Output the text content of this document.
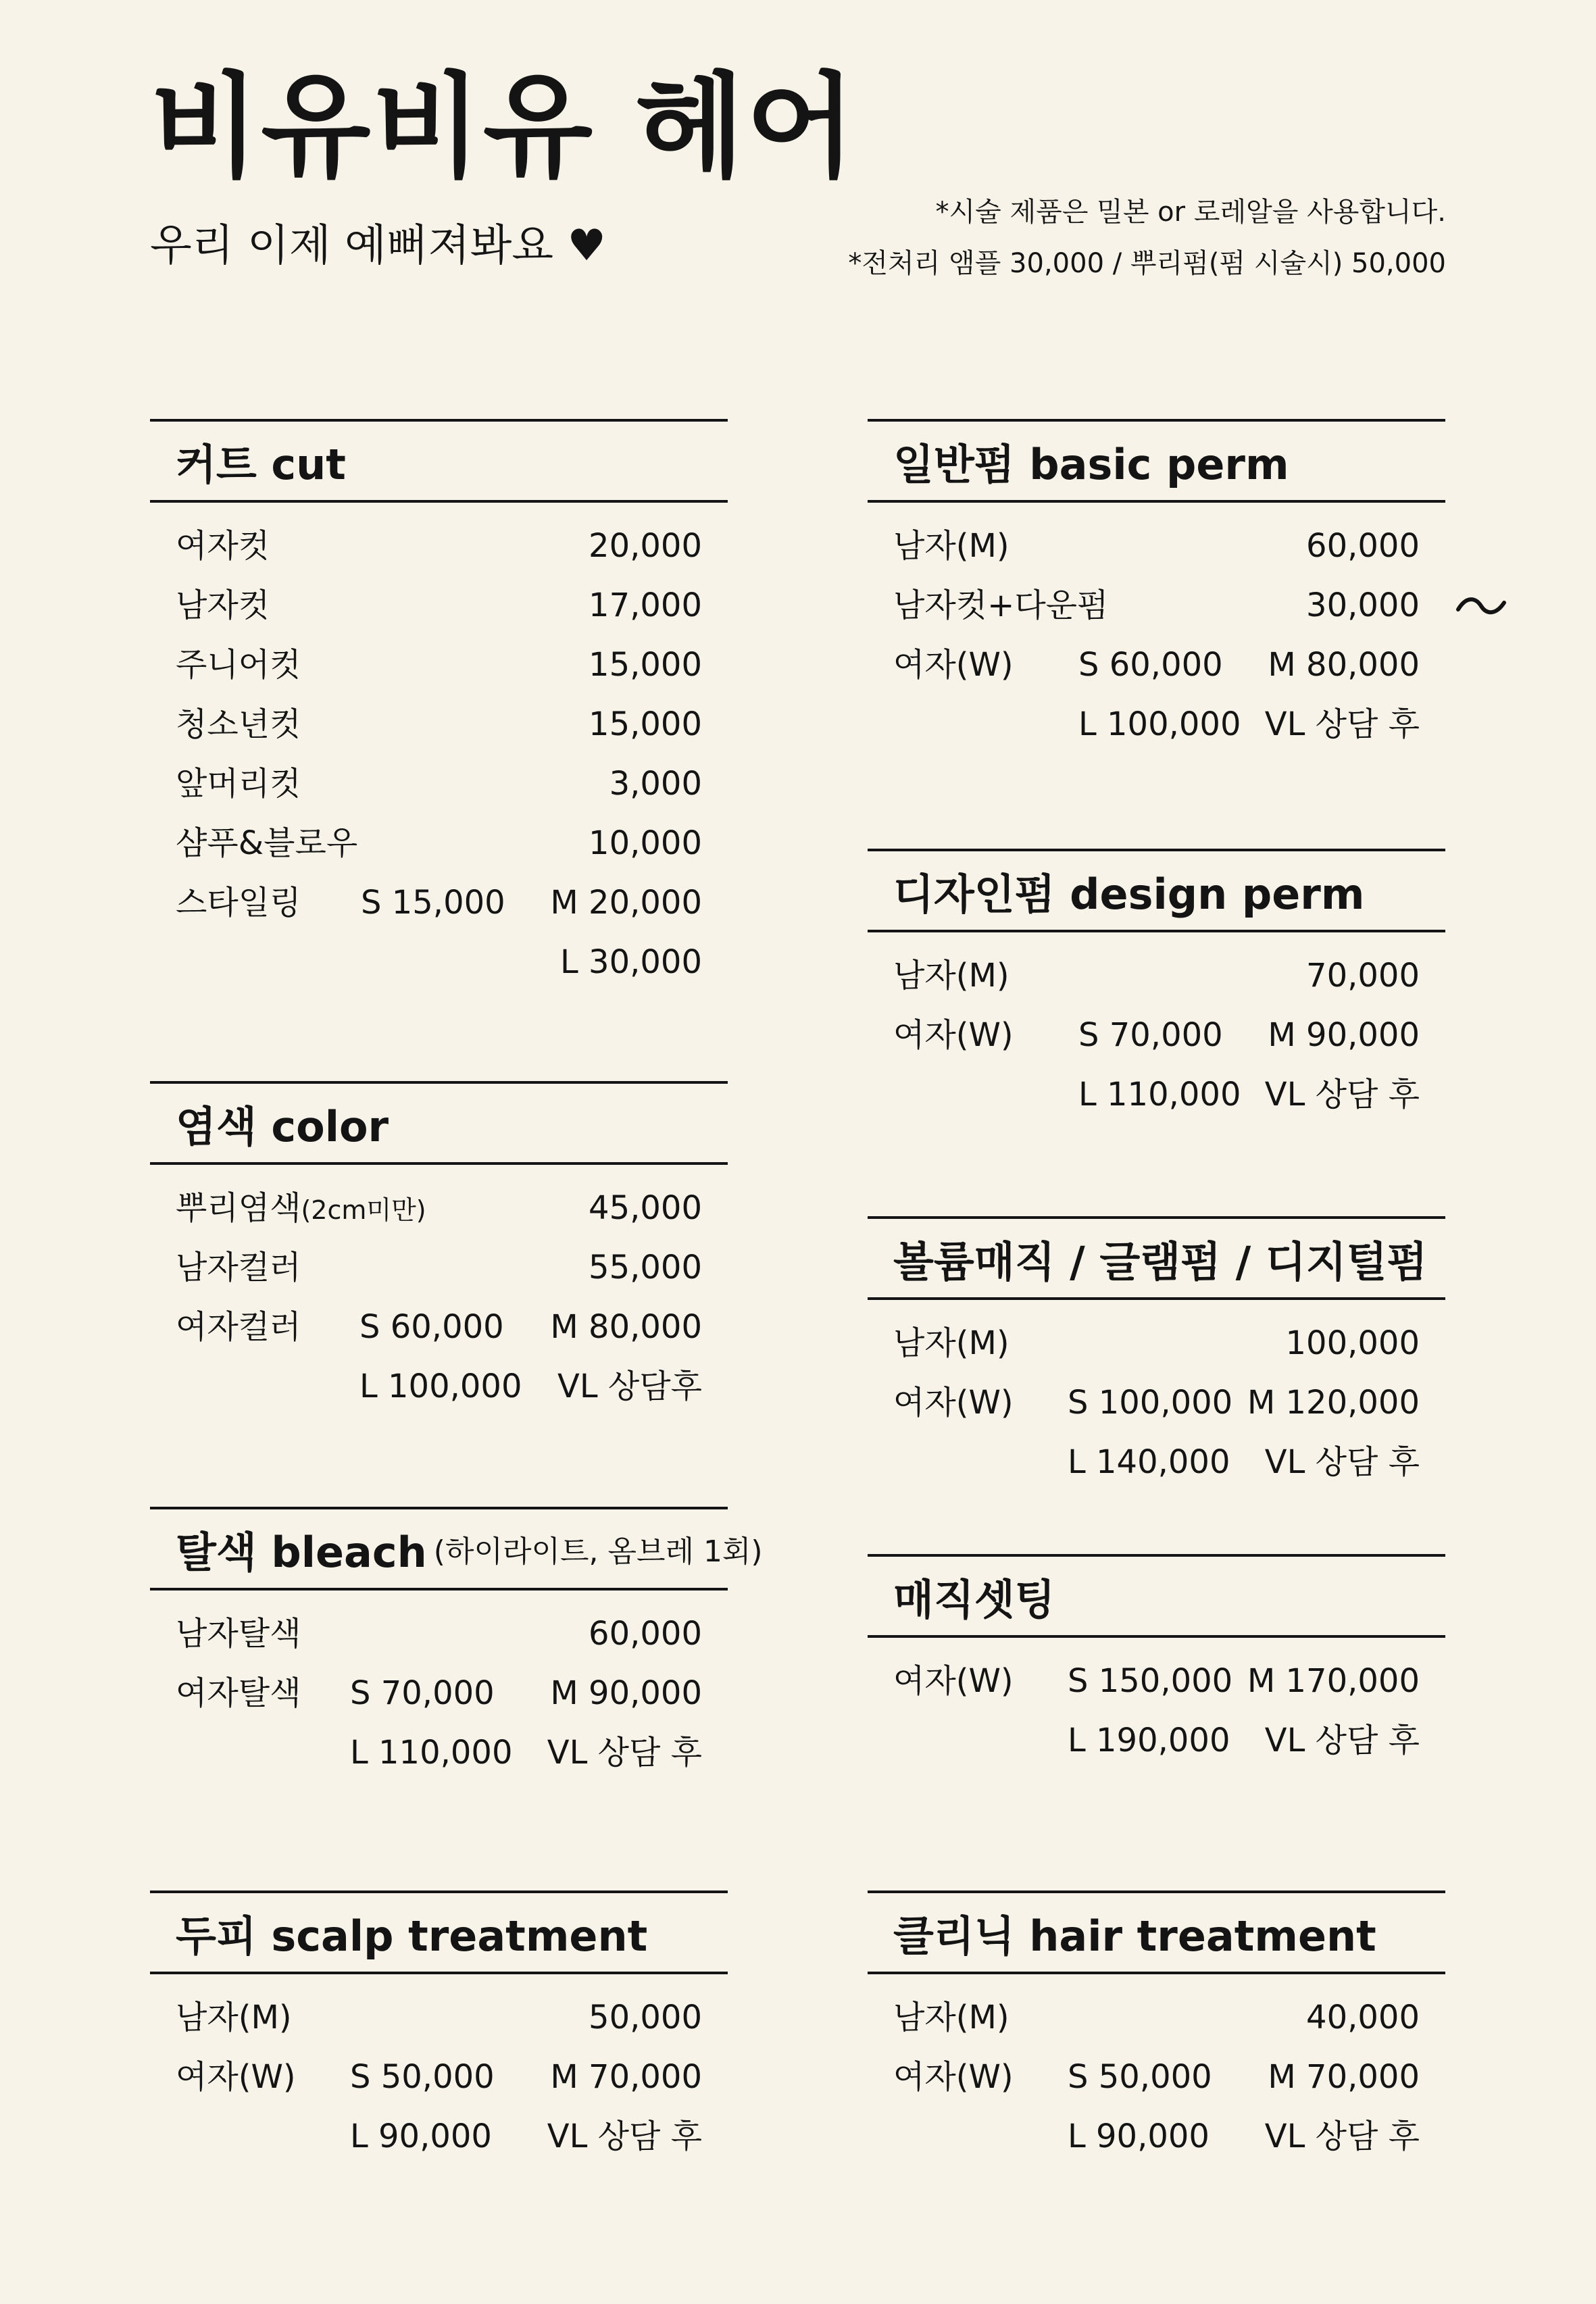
비유비유 헤어
우리 이제 예뻐져봐요 ♥
*시술 제품은 밀본 or 로레알을 사용합니다.
*전처리 앰플 30,000 / 뿌리펌(펌 시술시) 50,000
커트 cut
여자컷	20,000
남자컷	17,000
주니어컷	15,000
청소년컷	15,000
앞머리컷	3,000
샴푸&블로우	10,000
스타일링 S 15,000 M 20,000
L 30,000
염색 color
뿌리염색(2cm미만)	45,000
남자컬러	55,000
여자컬러 S 60,000 M 80,000
L 100,000 VL 상담후
탈색 bleach (하이라이트, 옴브레 1회)
남자탈색	60,000
여자탈색 S 70,000 M 90,000
L 110,000 VL 상담 후
두피 scalp treatment
남자(M)	50,000
여자(W) S 50,000 M 70,000
L 90,000 VL 상담 후
일반펌 basic perm
남자(M)	60,000
남자컷+다운펌	30,000
여자(W) S 60,000 M 80,000
L 100,000 VL 상담 후
디자인펌 design perm
남자(M)	70,000
여자(W) S 70,000 M 90,000
L 110,000 VL 상담 후
볼륨매직 / 글램펌 / 디지털펌
남자(M)	100,000
여자(W) S 100,000 M 120,000
L 140,000 VL 상담 후
매직셋팅
여자(W) S 150,000 M 170,000
L 190,000 VL 상담 후
클리닉 hair treatment
남자(M)	40,000
여자(W) S 50,000 M 70,000
L 90,000 VL 상담 후
